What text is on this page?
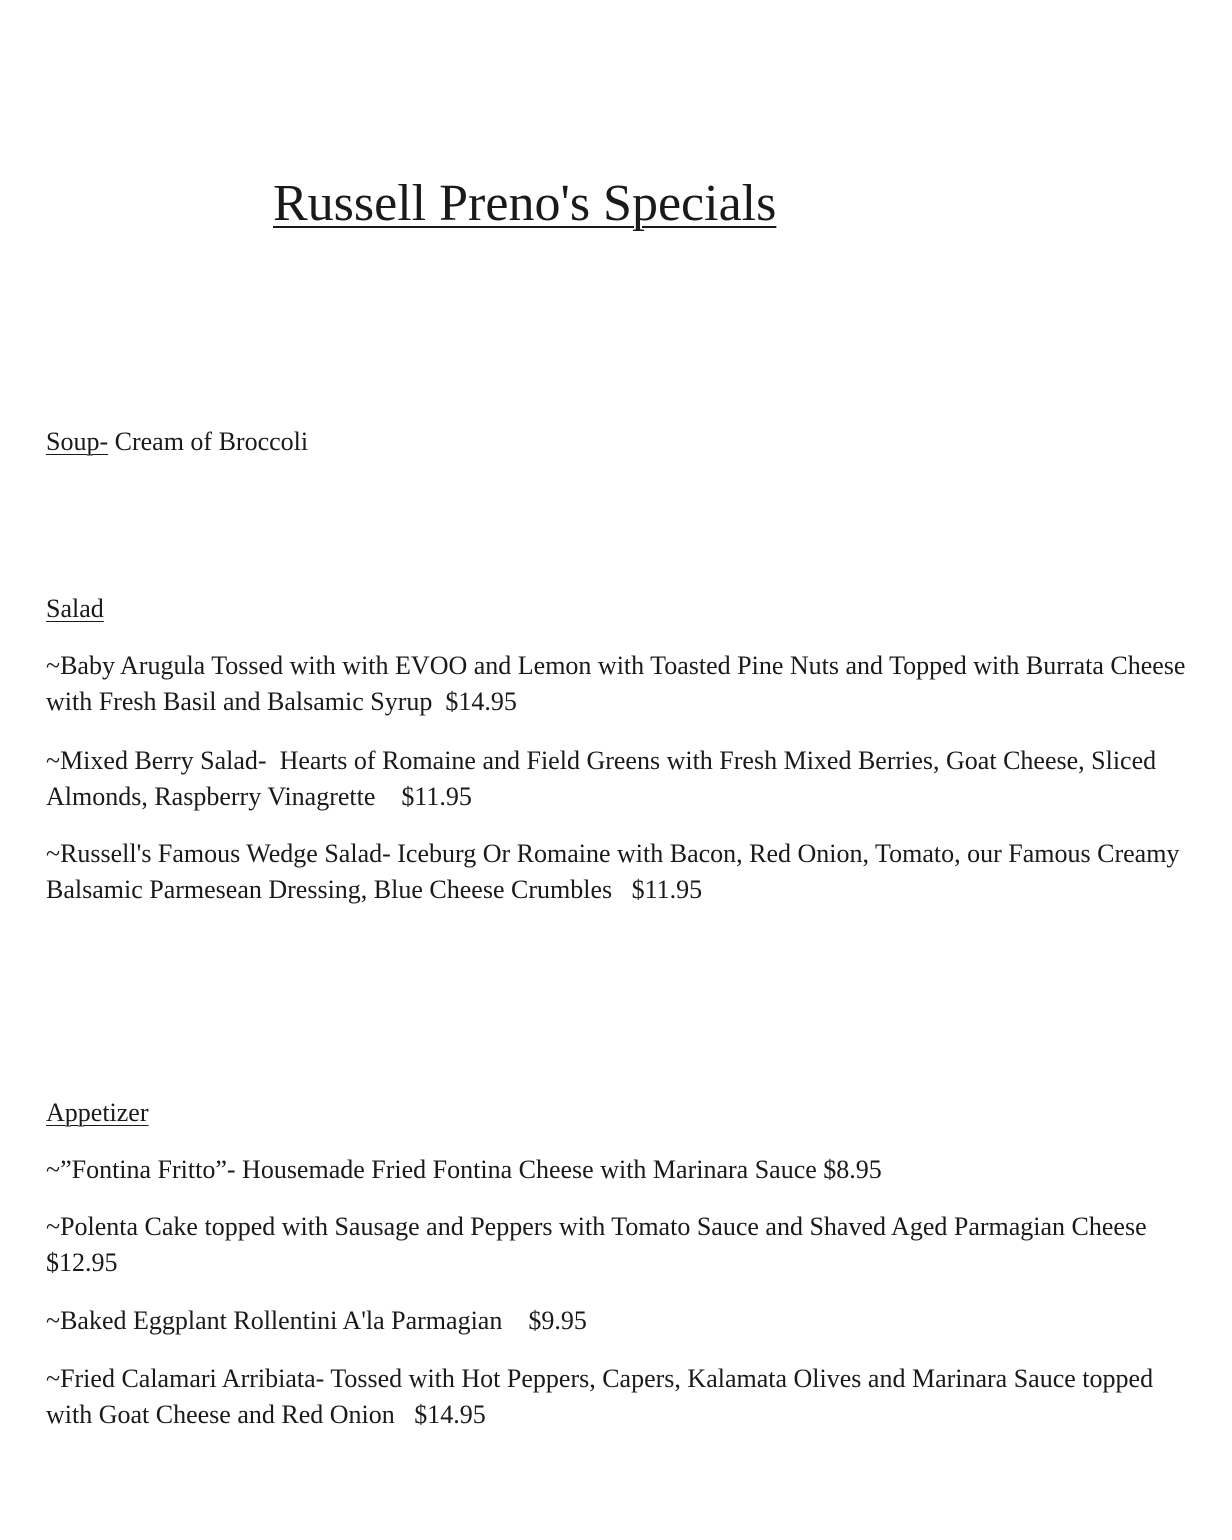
Russell Preno's Specials

Soup- Cream of Broccoli

Salad

~Baby Arugula Tossed with with EVOO and Lemon with Toasted Pine Nuts and Topped with Burrata Cheese with Fresh Basil and Balsamic Syrup  $14.95

~Mixed Berry Salad-  Hearts of Romaine and Field Greens with Fresh Mixed Berries, Goat Cheese, Sliced Almonds, Raspberry Vinagrette    $11.95

~Russell's Famous Wedge Salad- Iceburg Or Romaine with Bacon, Red Onion, Tomato, our Famous Creamy Balsamic Parmesean Dressing, Blue Cheese Crumbles   $11.95

Appetizer

~”Fontina Fritto”- Housemade Fried Fontina Cheese with Marinara Sauce $8.95

~Polenta Cake topped with Sausage and Peppers with Tomato Sauce and Shaved Aged Parmagian Cheese   $12.95

~Baked Eggplant Rollentini A'la Parmagian    $9.95

~Fried Calamari Arribiata- Tossed with Hot Peppers, Capers, Kalamata Olives and Marinara Sauce topped with Goat Cheese and Red Onion   $14.95
